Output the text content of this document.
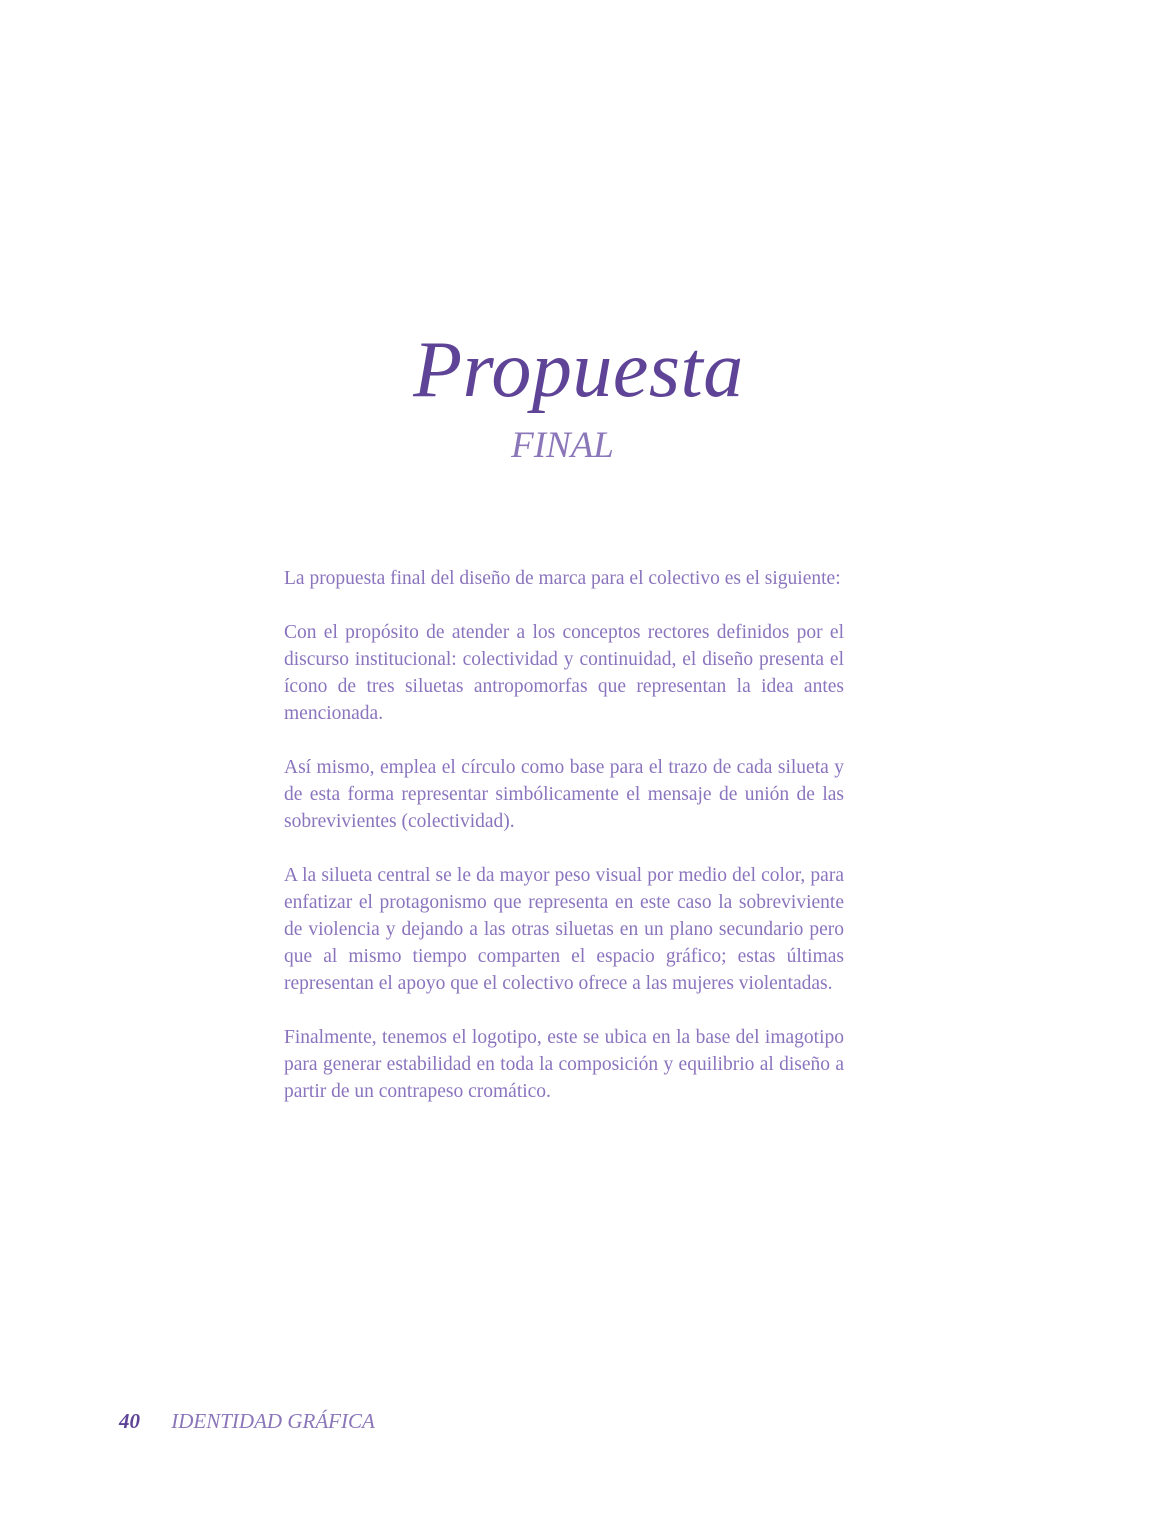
Propuesta
FINAL

La propuesta final del diseño de marca para el colectivo es el siguiente:

Con el propósito de atender a los conceptos rectores definidos por el discurso institucional: colectividad y continuidad, el diseño presenta el ícono de tres siluetas antropomorfas que representan la idea antes mencionada.

Así mismo, emplea el círculo como base para el trazo de cada silueta y de esta forma representar simbólicamente el mensaje de unión de las sobrevivientes (colectividad).

A la silueta central se le da mayor peso visual por medio del color, para enfatizar el protagonismo que representa en este caso la sobreviviente de violencia y dejando a las otras siluetas en un plano secundario pero que al mismo tiempo comparten el espacio gráfico; estas últimas representan el apoyo que el colectivo ofrece a las mujeres violentadas.

Finalmente, tenemos el logotipo, este se ubica en la base del imagotipo para generar estabilidad en toda la composición y equilibrio al diseño a partir de un contrapeso cromático.

40 IDENTIDAD GRÁFICA
